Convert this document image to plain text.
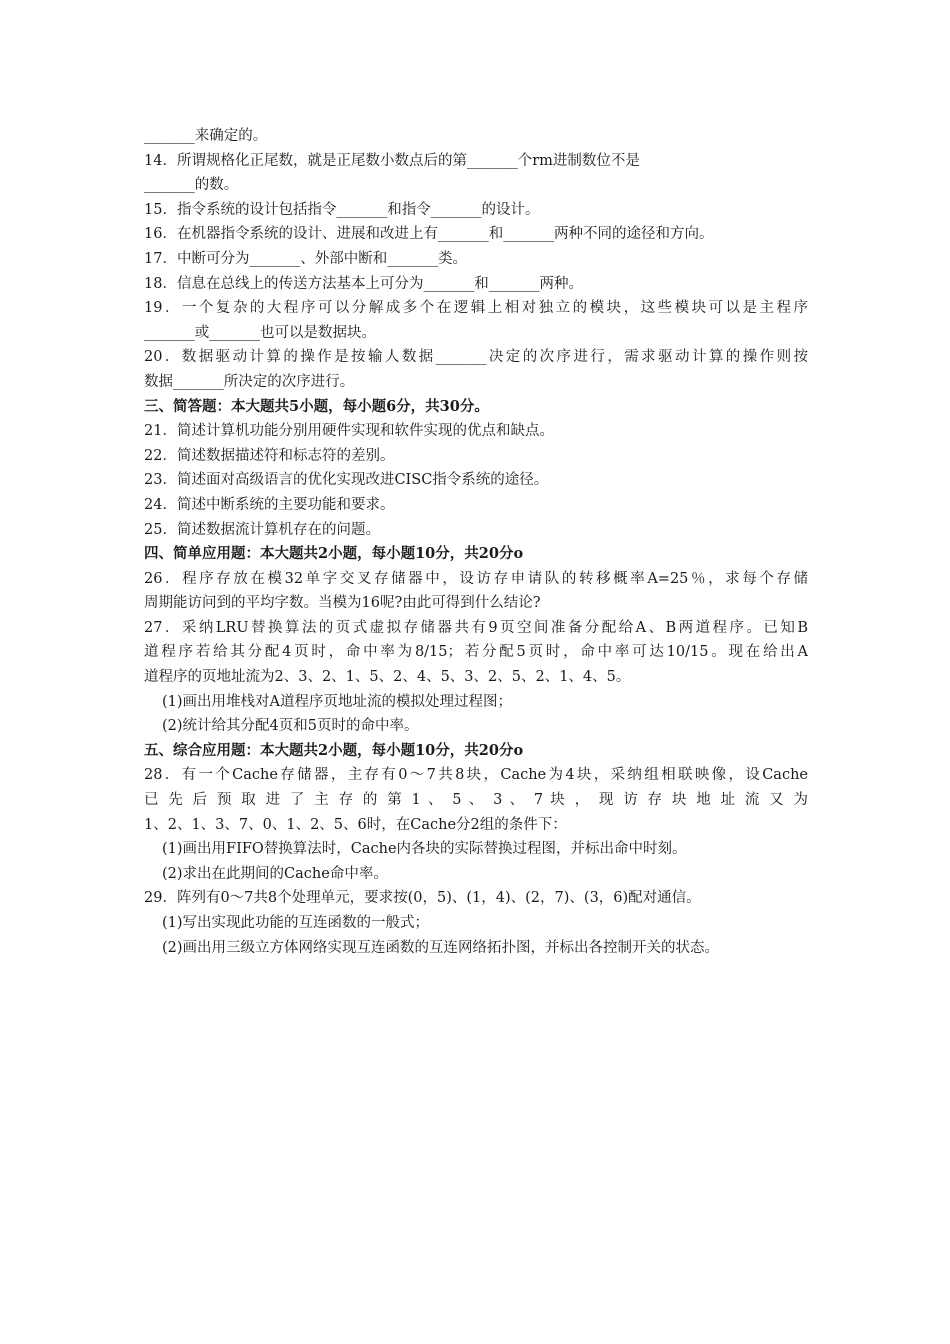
_______来确定的。
14．所谓规格化正尾数，就是正尾数小数点后的第_______个rm进制数位不是
_______的数。
15．指令系统的设计包括指令_______和指令_______的设计。
16．在机器指令系统的设计、进展和改进上有_______和_______两种不同的途径和方向。
17．中断可分为_______、外部中断和_______类。
18．信息在总线上的传送方法基本上可分为_______和_______两种。
19．一个复杂的大程序可以分解成多个在逻辑上相对独立的模块，这些模块可以是主程序
_______或_______也可以是数据块。
20．数据驱动计算的操作是按输人数据_______决定的次序进行，需求驱动计算的操作则按
数据_______所决定的次序进行。
三、简答题：本大题共5小题，每小题6分，共30分。
21．简述计算机功能分别用硬件实现和软件实现的优点和缺点。
22．简述数据描述符和标志符的差别。
23．简述面对高级语言的优化实现改进CISC指令系统的途径。
24．简述中断系统的主要功能和要求。
25．简述数据流计算机存在的问题。
四、简单应用题：本大题共2小题，每小题10分，共20分o
26．程序存放在模32单字交叉存储器中，设访存申请队的转移概率A=25％，求每个存储
周期能访问到的平均字数。当模为16呢?由此可得到什么结论?
27．采纳LRU替换算法的页式虚拟存储器共有9页空间准备分配给A、B两道程序。已知B
道程序若给其分配4页时，命中率为8/15；若分配5页时，命中率可达10/15。现在给出A
道程序的页地址流为2、3、2、1、5、2、4、5、3、2、5、2、1、4、5。
(1)画出用堆栈对A道程序页地址流的模拟处理过程图；
(2)统计给其分配4页和5页时的命中率。
五、综合应用题：本大题共2小题，每小题10分，共20分o
28．有一个Cache存储器，主存有0～7共8块，Cache为4块，采纳组相联映像，设Cache
已 先 后 预 取 进 了 主 存 的 第 1 、 5 、 3 、 7 块 ， 现 访 存 块 地 址 流 又 为
1、2、1、3、7、0、1、2、5、6时，在Cache分2组的条件下：
(1)画出用FIFO替换算法时，Cache内各块的实际替换过程图，并标出命中时刻。
(2)求出在此期间的Cache命中率。
29．阵列有0～7共8个处理单元，要求按(0，5)、(1，4)、(2，7)、(3，6)配对通信。
(1)写出实现此功能的互连函数的一般式；
(2)画出用三级立方体网络实现互连函数的互连网络拓扑图，并标出各控制开关的状态。
